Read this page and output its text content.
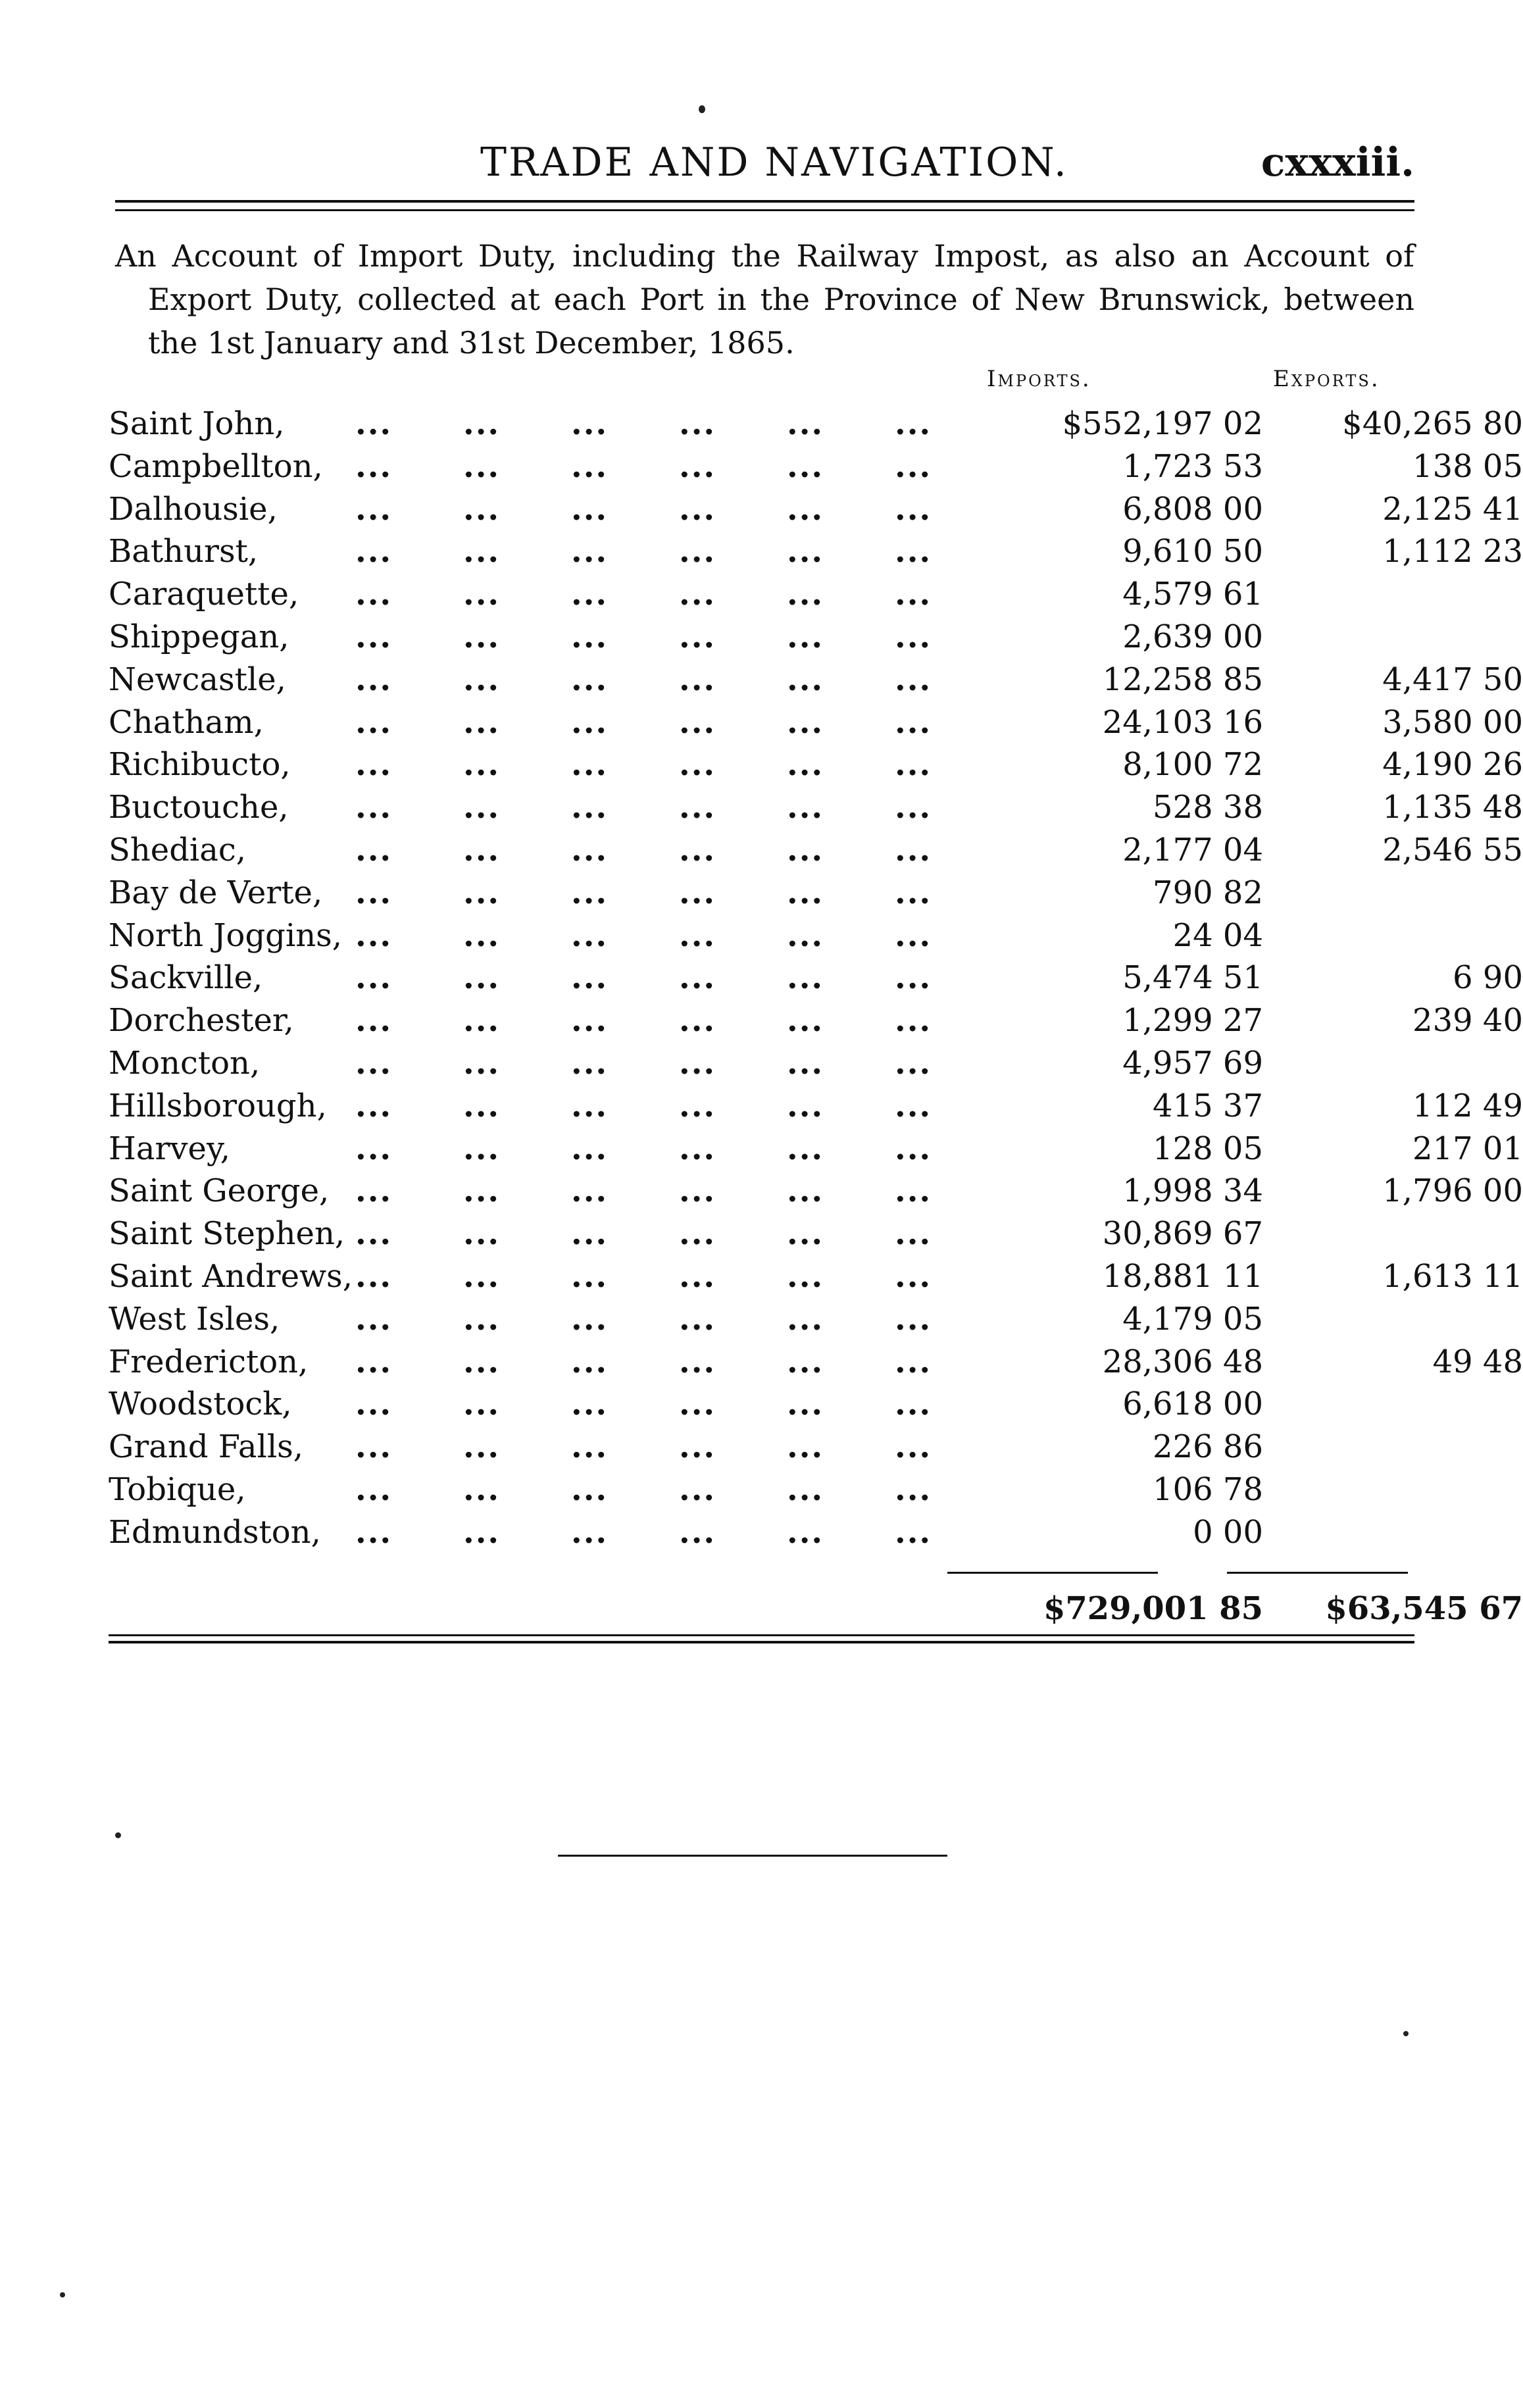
TRADE AND NAVIGATION.	cxxxiii.
An Account of Import Duty, including the Railway Impost, as also an Account of Export Duty, collected at each Port in the Province of New Brunswick, between the 1st January and 31st December, 1865.
Imports.	Exports.
Saint John, ... ... ... ... ... ...	$552,197 02	$40,265 80
Campbellton, ... ... ... ... ... ...	1,723 53	138 05
Dalhousie, ... ... ... ... ... ...	6,808 00	2,125 41
Bathurst,	... ... ... ... ... ...	9,610 50	1,112 23
Caraquette, ... ... ... ... ... ...	4,579 61
Shippegan, ... ... ... ... ... ...	2,639 00
Newcastle, ... ... ... ... ... ...	12,258 85	4,417 50
Chatham,	... ... ... ... ... ...	24,103 16	3,580 00
Richibucto, ... ... ... ... ... ...	8,100 72	4,190 26
Buctouche, ... ... ... ... ... ...	528 38	1,135 48
Shediac,	... ... ... ... ... ...	2,177 04	2,546 55
Bay de Verte, ... ... ... ... ... ...	790 82
North Joggins, ... ... ... ... ... ...	24 04
Sackville,	... ... ... ... ... ...	5,474 51	6 90
Dorchester, ... ... ... ... ... ...	1,299 27	239 40
Moncton,	... ... ... ... ... ...	4,957 69
Hillsborough, ... ... ... ... ... ...	415 37	112 49
Harvey,	... ... ... ... ... ...	128 05	217 01
Saint George, ... ... ... ... ... ...	1,998 34	1,796 00
Saint Stephen, ... ... ... ... ... ...	30,869 67
Saint Andrews, ... ... ... ... ... ...	18,881 11	1,613 11
West Isles, ... ... ... ... ... ...	4,179 05
Fredericton, ... ... ... ... ... ...	28,306 48	49 48
Woodstock, ... ... ... ... ... ...	6,618 00
Grand Falls, ... ... ... ... ... ...	226 86
Tobique,	... ... ... ... ... ...	106 78
Edmundston, ... ... ... ... ... ...	0 00
$729,001 85	$63,545 67
